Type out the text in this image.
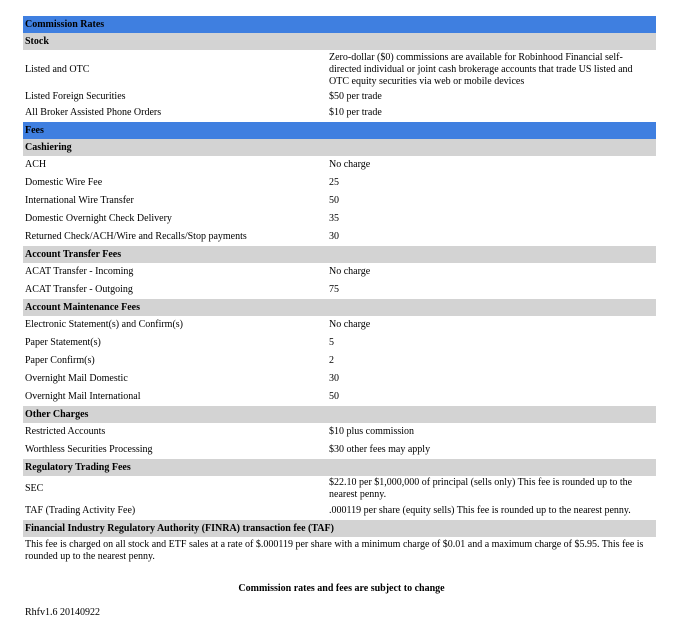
Commission Rates	
Stock	
Listed and OTC	Zero-dollar ($0) commissions are available for Robinhood Financial self-directed individual or joint cash brokerage accounts that trade US listed and OTC equity securities via web or mobile devices
Listed Foreign Securities	$50 per trade
All Broker Assisted Phone Orders	$10 per trade
Fees	
Cashiering	
ACH	No charge
Domestic Wire Fee	25
International Wire Transfer	50
Domestic Overnight Check Delivery	35
Returned Check/ACH/Wire and Recalls/Stop payments	30
Account Transfer Fees	
ACAT Transfer - Incoming	No charge
ACAT Transfer - Outgoing	75
Account Maintenance Fees	
Electronic Statement(s) and Confirm(s)	No charge
Paper Statement(s)	5
Paper Confirm(s)	2
Overnight Mail Domestic	30
Overnight Mail International	50
Other Charges	
Restricted Accounts	$10 plus commission
Worthless Securities Processing	$30 other fees may apply
Regulatory Trading Fees	
SEC	$22.10 per $1,000,000 of principal (sells only) This fee is rounded up to the nearest penny.
TAF (Trading Activity Fee)	.000119 per share (equity sells) This fee is rounded up to the nearest penny.
Financial Industry Regulatory Authority (FINRA) transaction fee (TAF)	
This fee is charged on all stock and ETF sales at a rate of $.000119 per share with a minimum charge of $0.01 and a maximum charge of $5.95. This fee is rounded up to the nearest penny.	
Commission rates and fees are subject to change
Rhfv1.6 20140922
